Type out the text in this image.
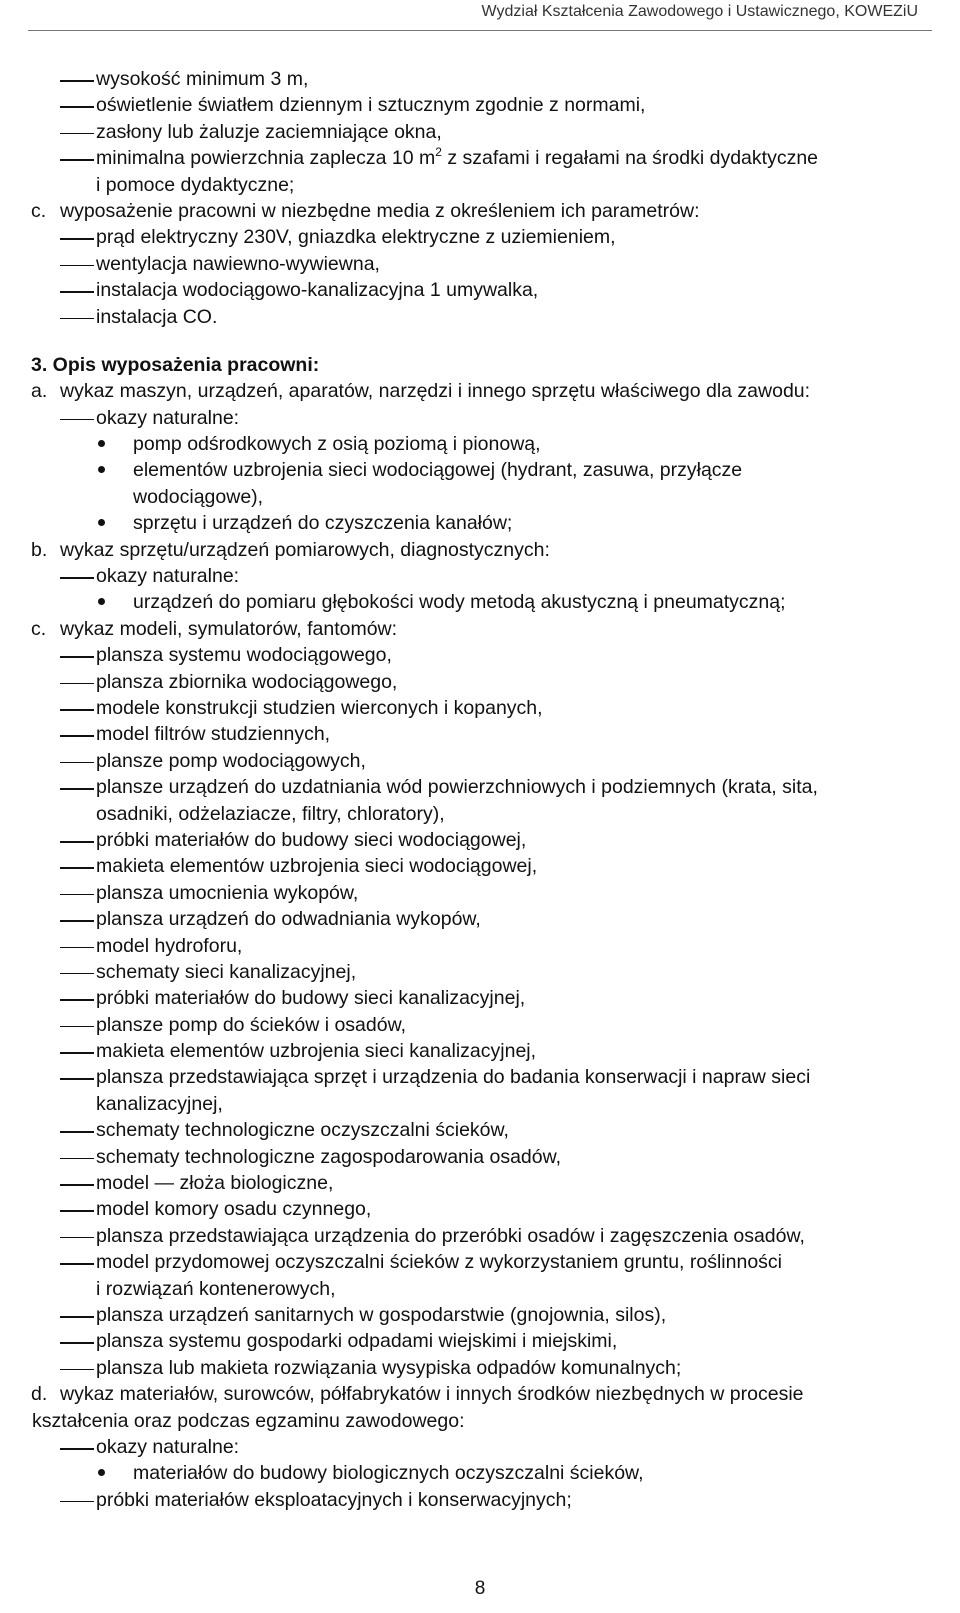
Wydział Kształcenia Zawodowego i Ustawicznego, KOWEZiU
wysokość minimum 3 m,
oświetlenie światłem dziennym i sztucznym zgodnie z normami,
zasłony lub żaluzje zaciemniające okna,
minimalna powierzchnia zaplecza 10 $m^2$ z szafami i regałami na środki dydaktyczne
i pomoce dydaktyczne;
c. wyposażenie pracowni w niezbędne media z określeniem ich parametrów:
prąd elektryczny 230V, gniazdka elektryczne z uziemieniem,
wentylacja nawiewno-wywiewna,
instalacja wodociągowo-kanalizacyjna 1 umywalka,
instalacja CO.
3. Opis wyposażenia pracowni:
a. wykaz maszyn, urządzeń, aparatów, narzędzi i innego sprzętu właściwego dla zawodu:
okazy naturalne:
pomp odśrodkowych z osią poziomą i pionową,
elementów uzbrojenia sieci wodociągowej (hydrant, zasuwa, przyłącze
wodociągowe),
sprzętu i urządzeń do czyszczenia kanałów;
b. wykaz sprzętu/urządzeń pomiarowych, diagnostycznych:
okazy naturalne:
urządzeń do pomiaru głębokości wody metodą akustyczną i pneumatyczną;
c. wykaz modeli, symulatorów, fantomów:
plansza systemu wodociągowego,
plansza zbiornika wodociągowego,
modele konstrukcji studzien wierconych i kopanych,
model filtrów studziennych,
plansze pomp wodociągowych,
plansze urządzeń do uzdatniania wód powierzchniowych i podziemnych (krata, sita,
osadniki, odżelaziacze, filtry, chloratory),
próbki materiałów do budowy sieci wodociągowej,
makieta elementów uzbrojenia sieci wodociągowej,
plansza umocnienia wykopów,
plansza urządzeń do odwadniania wykopów,
model hydroforu,
schematy sieci kanalizacyjnej,
próbki materiałów do budowy sieci kanalizacyjnej,
plansze pomp do ścieków i osadów,
makieta elementów uzbrojenia sieci kanalizacyjnej,
plansza przedstawiająca sprzęt i urządzenia do badania konserwacji i napraw sieci
kanalizacyjnej,
schematy technologiczne oczyszczalni ścieków,
schematy technologiczne zagospodarowania osadów,
model — złoża biologiczne,
model komory osadu czynnego,
plansza przedstawiająca urządzenia do przeróbki osadów i zagęszczenia osadów,
model przydomowej oczyszczalni ścieków z wykorzystaniem gruntu, roślinności
i rozwiązań kontenerowych,
plansza urządzeń sanitarnych w gospodarstwie (gnojownia, silos),
plansza systemu gospodarki odpadami wiejskimi i miejskimi,
plansza lub makieta rozwiązania wysypiska odpadów komunalnych;
d. wykaz materiałów, surowców, półfabrykatów i innych środków niezbędnych w procesie
kształcenia oraz podczas egzaminu zawodowego:
okazy naturalne:
materiałów do budowy biologicznych oczyszczalni ścieków,
próbki materiałów eksploatacyjnych i konserwacyjnych;
8
